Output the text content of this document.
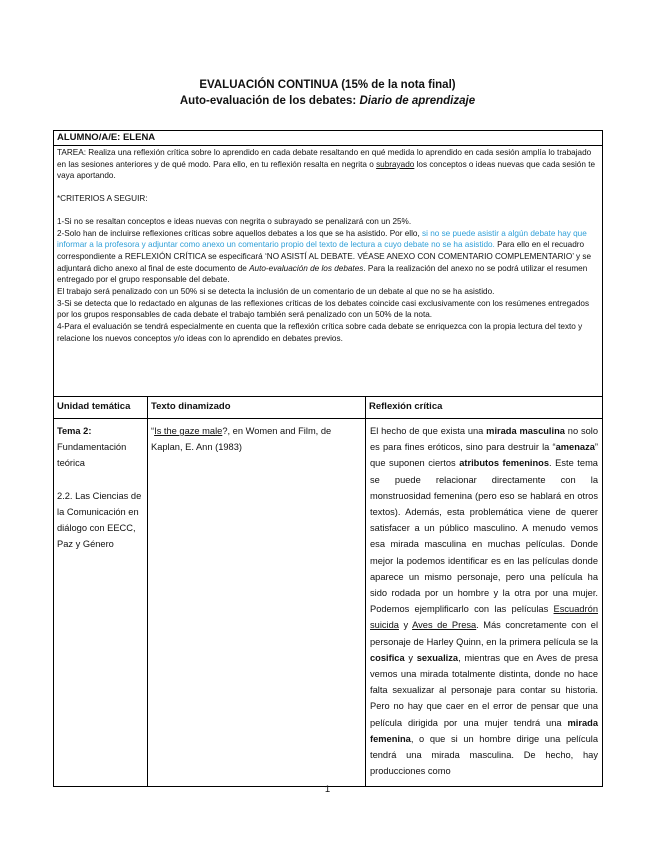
EVALUACIÓN CONTINUA (15% de la nota final)
Auto-evaluación de los debates: Diario de aprendizaje
ALUMNO/A/E: ELENA

TAREA: Realiza una reflexión crítica sobre lo aprendido en cada debate resaltando en qué medida lo aprendido en cada sesión amplía lo trabajado en las sesiones anteriores y de qué modo. Para ello, en tu reflexión resalta en negrita o subrayado los conceptos o ideas nuevas que cada sesión te vaya aportando.

*CRITERIOS A SEGUIR:

1-Si no se resaltan conceptos e ideas nuevas con negrita o subrayado se penalizará con un 25%.

2-Solo han de incluirse reflexiones críticas sobre aquellos debates a los que se ha asistido. Por ello, si no se puede asistir a algún debate hay que informar a la profesora y adjuntar como anexo un comentario propio del texto de lectura a cuyo debate no se ha asistido. Para ello en el recuadro correspondiente a REFLEXIÓN CRÍTICA se especificará ‘NO ASISTÍ AL DEBATE. VÉASE ANEXO CON COMENTARIO COMPLEMENTARIO’ y se adjuntará dicho anexo al final de este documento de Auto-evaluación de los debates. Para la realización del anexo no se podrá utilizar el resumen entregado por el grupo responsable del debate.

El trabajo será penalizado con un 50% si se detecta la inclusión de un comentario de un debate al que no se ha asistido.

3-Si se detecta que lo redactado en algunas de las reflexiones críticas de los debates coincide casi exclusivamente con los resúmenes entregados por los grupos responsables de cada debate el trabajo también será penalizado con un 50% de la nota.

4-Para el evaluación se tendrá especialmente en cuenta que la reflexión crítica sobre cada debate se enriquezca con la propia lectura del texto y relacione los nuevos conceptos y/o ideas con lo aprendido en debates previos.

Unidad temática	Texto dinamizado	Reflexión crítica
Tema 2: Fundamentación teórica
2.2. Las Ciencias de la Comunicación en diálogo con EECC, Paz y Género
“Is the gaze male?, en Women and Film, de Kaplan, E. Ann (1983)
El hecho de que exista una mirada masculina no solo es para fines eróticos, sino para destruir la “amenaza” que suponen ciertos atributos femeninos. Este tema se puede relacionar directamente con la monstruosidad femenina (pero eso se hablará en otros textos). Además, esta problemática viene de querer satisfacer a un público masculino. A menudo vemos esa mirada masculina en muchas películas. Donde mejor la podemos identificar es en las películas donde aparece un mismo personaje, pero una película ha sido rodada por un hombre y la otra por una mujer. Podemos ejemplificarlo con las películas Escuadrón suicida y Aves de Presa. Más concretamente con el personaje de Harley Quinn, en la primera película se la cosifica y sexualiza, mientras que en Aves de presa vemos una mirada totalmente distinta, donde no hace falta sexualizar al personaje para contar su historia. Pero no hay que caer en el error de pensar que una película dirigida por una mujer tendrá una mirada femenina, o que si un hombre dirige una película tendrá una mirada masculina. De hecho, hay producciones como
1
